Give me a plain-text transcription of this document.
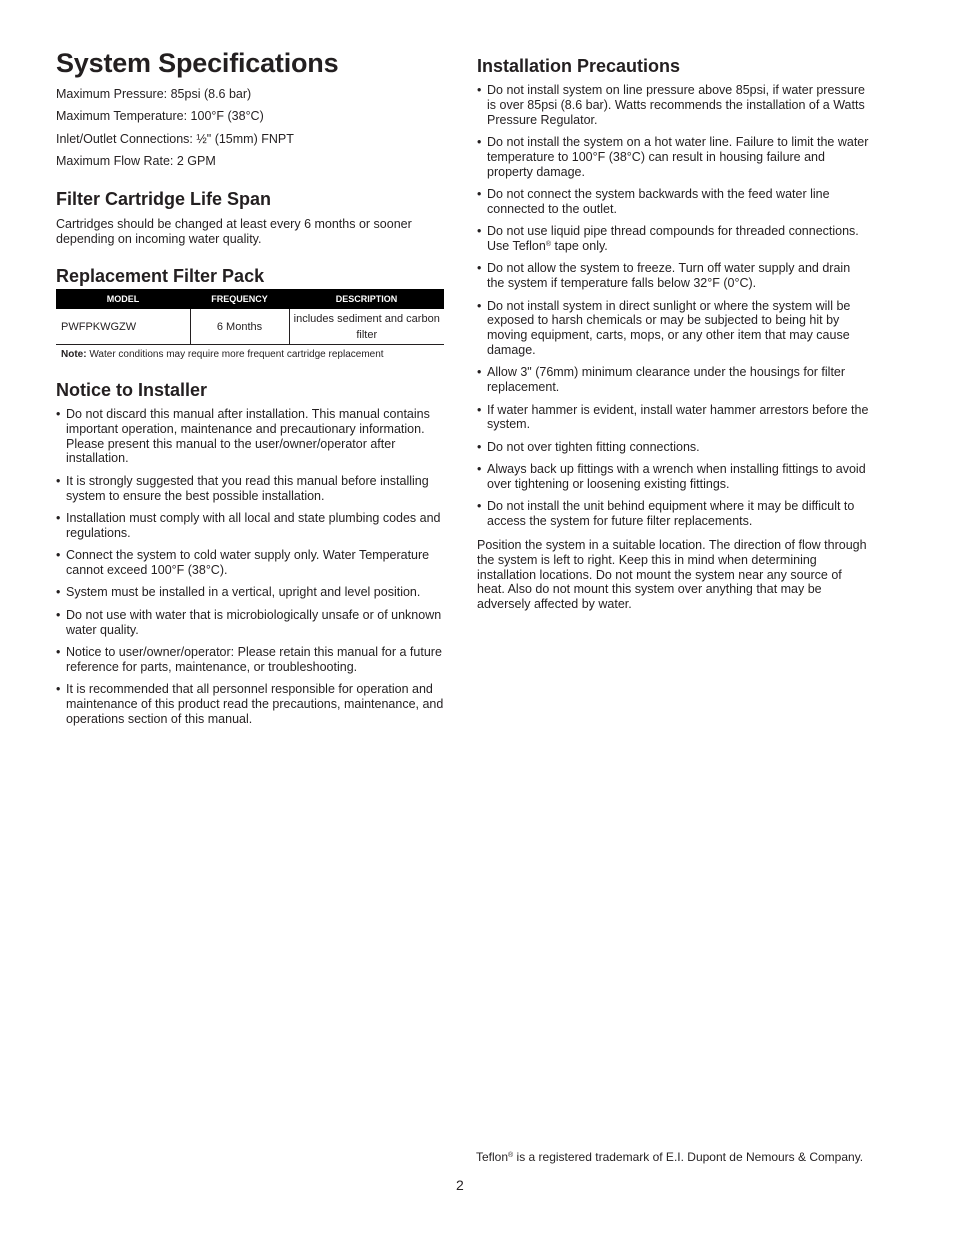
System Specifications
Maximum Pressure: 85psi (8.6 bar)
Maximum Temperature: 100°F (38°C)
Inlet/Outlet Connections: ½" (15mm) FNPT
Maximum Flow Rate: 2 GPM
Filter Cartridge Life Span
Cartridges should be changed at least every 6 months or sooner depending on incoming water quality.
Replacement Filter Pack
MODEL	FREQUENCY	DESCRIPTION
PWFPKWGZW	6 Months	includes sediment and carbon filter
Note: Water conditions may require more frequent cartridge replacement
Notice to Installer
• Do not discard this manual after installation. This manual contains important operation, maintenance and precautionary information. Please present this manual to the user/owner/operator after installation.
• It is strongly suggested that you read this manual before installing system to ensure the best possible installation.
• Installation must comply with all local and state plumbing codes and regulations.
• Connect the system to cold water supply only. Water Temperature cannot exceed 100°F (38°C).
• System must be installed in a vertical, upright and level position.
• Do not use with water that is microbiologically unsafe or of unknown water quality.
• Notice to user/owner/operator: Please retain this manual for a future reference for parts, maintenance, or troubleshooting.
• It is recommended that all personnel responsible for operation and maintenance of this product read the precautions, maintenance, and operations section of this manual.
Installation Precautions
• Do not install system on line pressure above 85psi, if water pressure is over 85psi (8.6 bar). Watts recommends the installation of a Watts Pressure Regulator.
• Do not install the system on a hot water line. Failure to limit the water temperature to 100°F (38°C) can result in housing failure and property damage.
• Do not connect the system backwards with the feed water line connected to the outlet.
• Do not use liquid pipe thread compounds for threaded connections. Use Teflon® tape only.
• Do not allow the system to freeze. Turn off water supply and drain the system if temperature falls below 32°F (0°C).
• Do not install system in direct sunlight or where the system will be exposed to harsh chemicals or may be subjected to being hit by moving equipment, carts, mops, or any other item that may cause damage.
• Allow 3" (76mm) minimum clearance under the housings for filter replacement.
• If water hammer is evident, install water hammer arrestors before the system.
• Do not over tighten fitting connections.
• Always back up fittings with a wrench when installing fittings to avoid over tightening or loosening existing fittings.
• Do not install the unit behind equipment where it may be difficult to access the system for future filter replacements.
Position the system in a suitable location. The direction of flow through the system is left to right. Keep this in mind when determining installation locations. Do not mount the system near any source of heat. Also do not mount this system over anything that may be adversely affected by water.
Teflon® is a registered trademark of E.I. Dupont de Nemours & Company.
2
